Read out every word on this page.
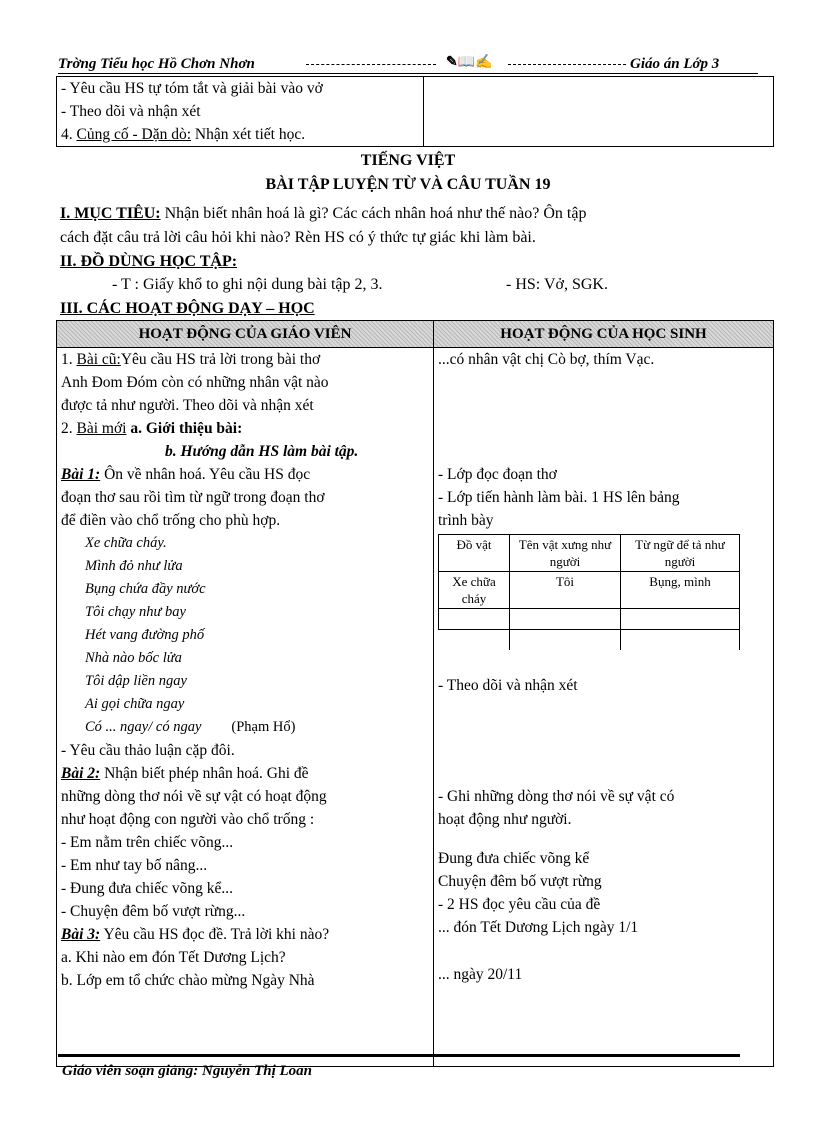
Trờng Tiểu học Hồ Chơn Nhơn	✎📖✍	Giáo án Lớp 3
- Yêu cầu HS tự tóm tắt và giải bài vào vở
- Theo dõi và nhận xét
4. Củng cố - Dặn dò: Nhận xét tiết học.

TIẾNG VIỆT
BÀI TẬP LUYỆN TỪ VÀ CÂU TUẦN 19
I. MỤC TIÊU: Nhận biết nhân hoá là gì? Các cách nhân hoá như thế nào? Ôn tập
cách đặt câu trả lời câu hỏi khi nào? Rèn HS có ý thức tự giác khi làm bài.
II. ĐỒ DÙNG HỌC TẬP:
- T : Giấy khổ to ghi nội dung bài tập 2, 3.	- HS: Vở, SGK.
III. CÁC HOẠT ĐỘNG DẠY – HỌC
HOẠT ĐỘNG CỦA GIÁO VIÊN	HOẠT ĐỘNG CỦA HỌC SINH

1. Bài cũ:Yêu cầu HS trả lời trong bài thơ

Anh Đom Đóm còn có những nhân vật nào

được tả như người. Theo dõi và nhận xét

2. Bài mới a. Giới thiệu bài:

b. Hướng dẫn HS làm bài tập.

Bài 1: Ôn về nhân hoá. Yêu cầu HS đọc

đoạn thơ sau rồi tìm từ ngữ trong đoạn thơ

để điền vào chổ trống cho phù hợp.

Xe chữa cháy.

Mình đỏ như lửa

Bụng chứa đầy nước

Tôi chạy như bay

Hét vang đường phố

Nhà nào bốc lửa

Tôi dập liền ngay

Ai gọi chữa ngay

Có ... ngay/ có ngay (Phạm Hổ)

- Yêu cầu thảo luận cặp đôi.

Bài 2: Nhận biết phép nhân hoá. Ghi đề

những dòng thơ nói về sự vật có hoạt động

như hoạt động con người vào chổ trống :

- Em nằm trên chiếc võng...

- Em như tay bố nâng...

- Đung đưa chiếc võng kể...

- Chuyện đêm bố vượt rừng...

Bài 3: Yêu cầu HS đọc đề. Trả lời khi nào?

a. Khi nào em đón Tết Dương Lịch?

b. Lớp em tổ chức chào mừng Ngày Nhà

...có nhân vật chị Cò bợ, thím Vạc.

- Lớp đọc đoạn thơ

- Lớp tiến hành làm bài. 1 HS lên bảng

trình bày

Đồ vật	Tên vật xưng như người	Từ ngữ để tả như người
Xe chữa cháy	Tôi	Bụng, mình

- Theo dõi và nhận xét

- Ghi những dòng thơ nói về sự vật có

hoạt động như người.

Đung đưa chiếc võng kể

Chuyện đêm bố vượt rừng

- 2 HS đọc yêu cầu của đề

... đón Tết Dương Lịch ngày 1/1

... ngày 20/11

Giáo viên soạn giảng: Nguyễn Thị Loan
